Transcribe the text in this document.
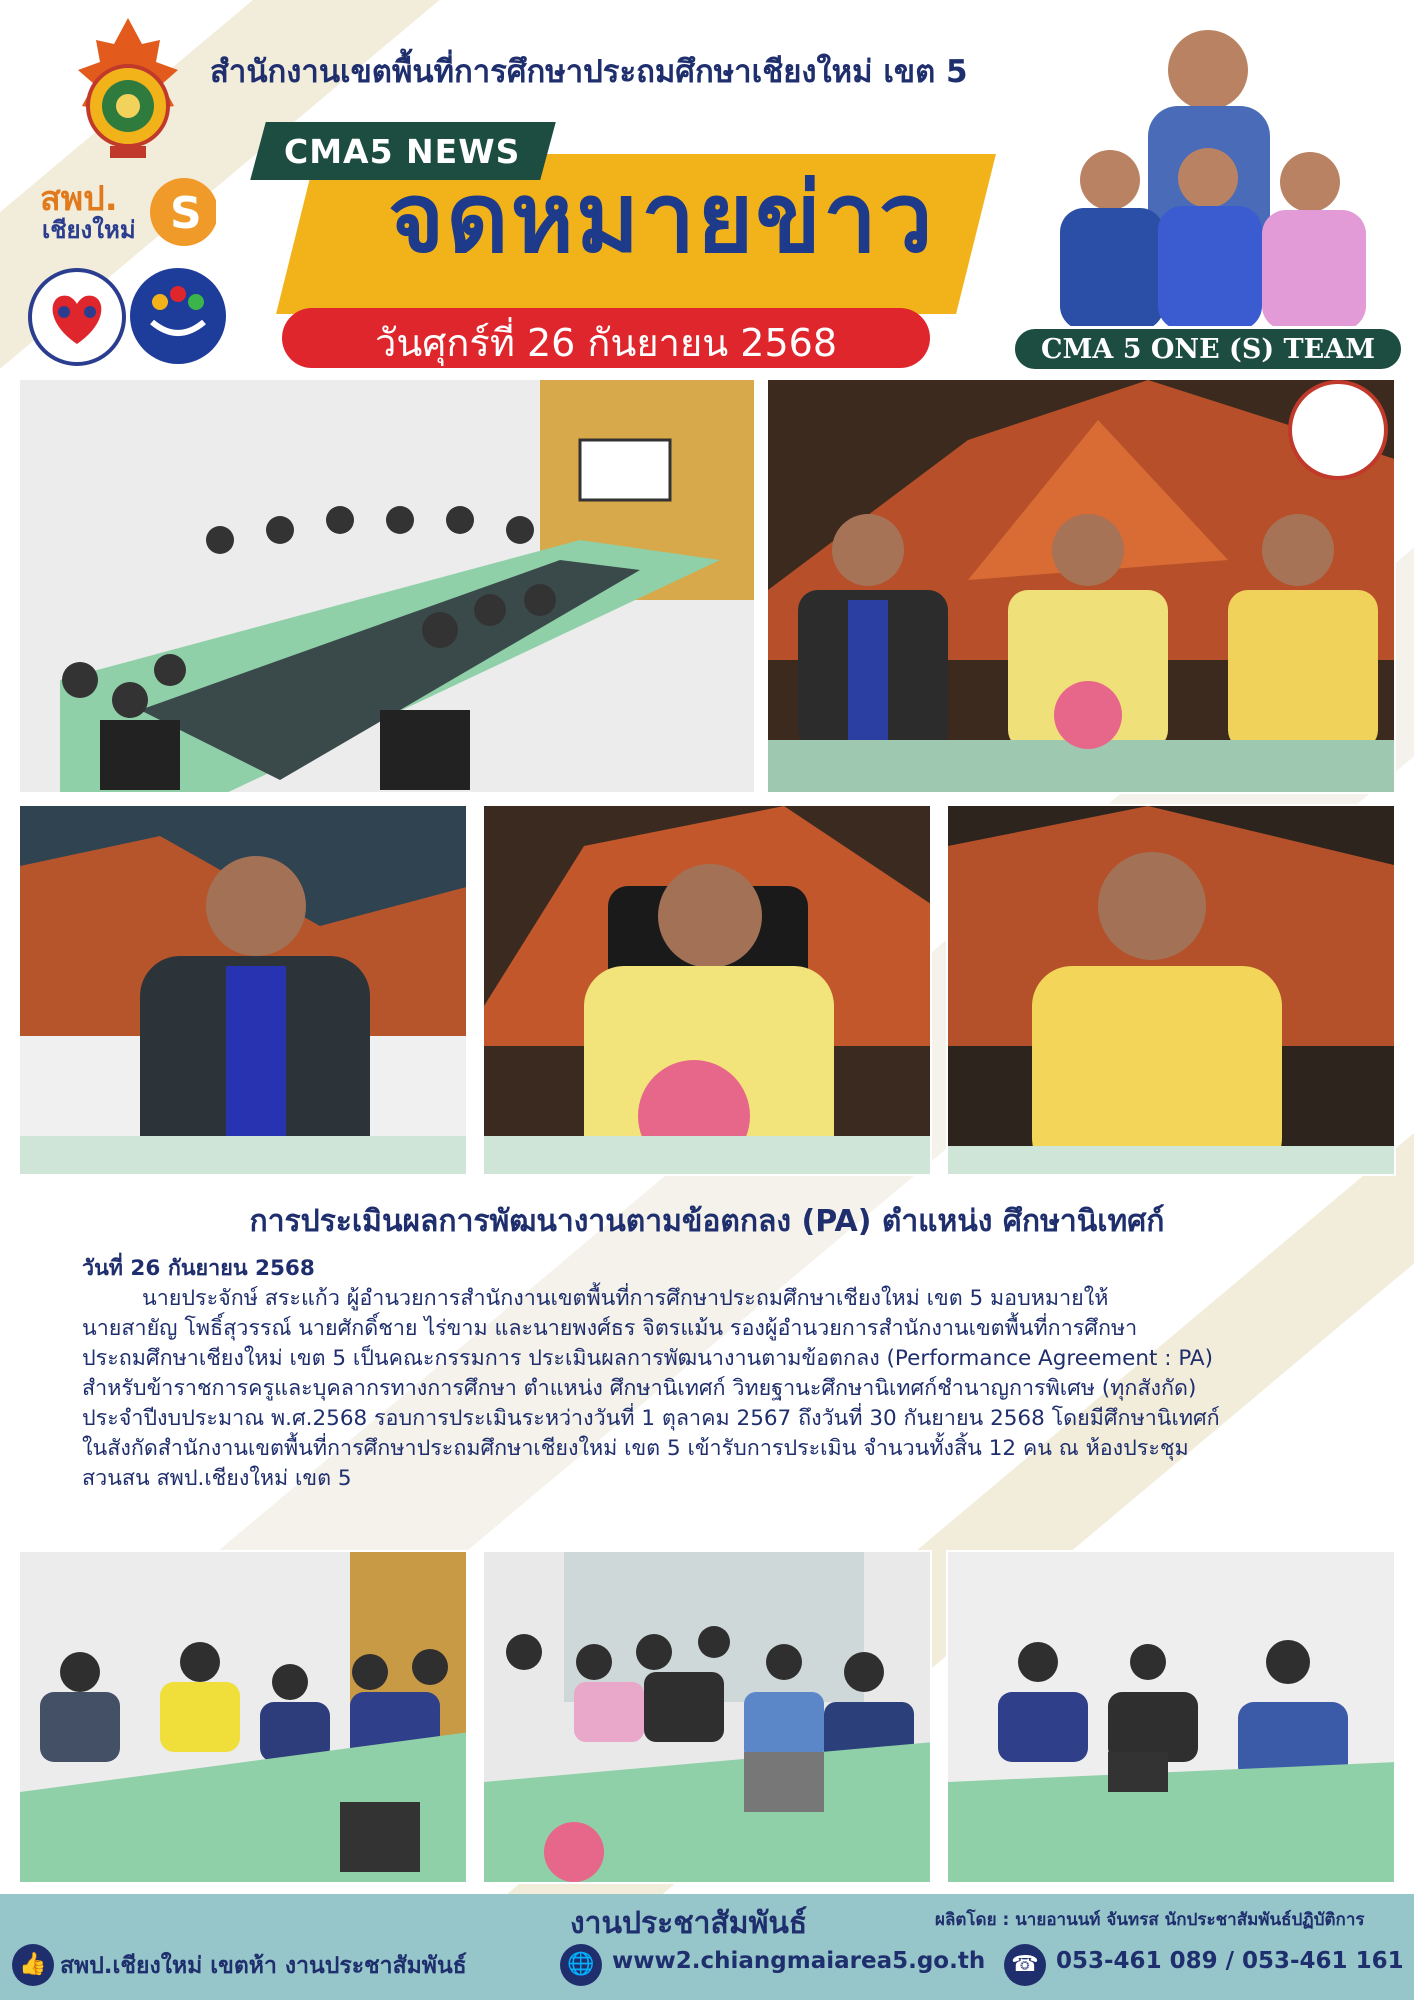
สพป.
เชียงใหม่ S
สำนักงานเขตพื้นที่การศึกษาประถมศึกษาเชียงใหม่ เขต 5
CMA5 NEWS
จดหมายข่าว
วันศุกร์ที่ 26 กันยายน 2568	CMA 5 ONE (S) TEAM
การประเมินผลการพัฒนางานตามข้อตกลง (PA) ตำแหน่ง ศึกษานิเทศก์

วันที่ 26 กันยายน 2568

นายประจักษ์ สระแก้ว ผู้อำนวยการสำนักงานเขตพื้นที่การศึกษาประถมศึกษาเชียงใหม่ เขต 5 มอบหมายให้

นายสายัญ โพธิ์สุวรรณ์ นายศักดิ์ชาย ไร่ขาม และนายพงศ์ธร จิตรแม้น รองผู้อำนวยการสำนักงานเขตพื้นที่การศึกษา

ประถมศึกษาเชียงใหม่ เขต 5 เป็นคณะกรรมการ ประเมินผลการพัฒนางานตามข้อตกลง (Performance Agreement : PA)

สำหรับข้าราชการครูและบุคลากรทางการศึกษา ตำแหน่ง ศึกษานิเทศก์ วิทยฐานะศึกษานิเทศก์ชำนาญการพิเศษ (ทุกสังกัด)

ประจำปีงบประมาณ พ.ศ.2568 รอบการประเมินระหว่างวันที่ 1 ตุลาคม 2567 ถึงวันที่ 30 กันยายน 2568 โดยมีศึกษานิเทศก์

ในสังกัดสำนักงานเขตพื้นที่การศึกษาประถมศึกษาเชียงใหม่ เขต 5 เข้ารับการประเมิน จำนวนทั้งสิ้น 12 คน ณ ห้องประชุม

สวนสน สพป.เชียงใหม่ เขต 5

งานประชาสัมพันธ์	ผลิตโดย : นายอานนท์ จันทรส นักประชาสัมพันธ์ปฏิบัติการ
👍 สพป.เชียงใหม่ เขตห้า งานประชาสัมพันธ์	🌐 www2.chiangmaiarea5.go.th	☎ 053-461 089 / 053-461 161
